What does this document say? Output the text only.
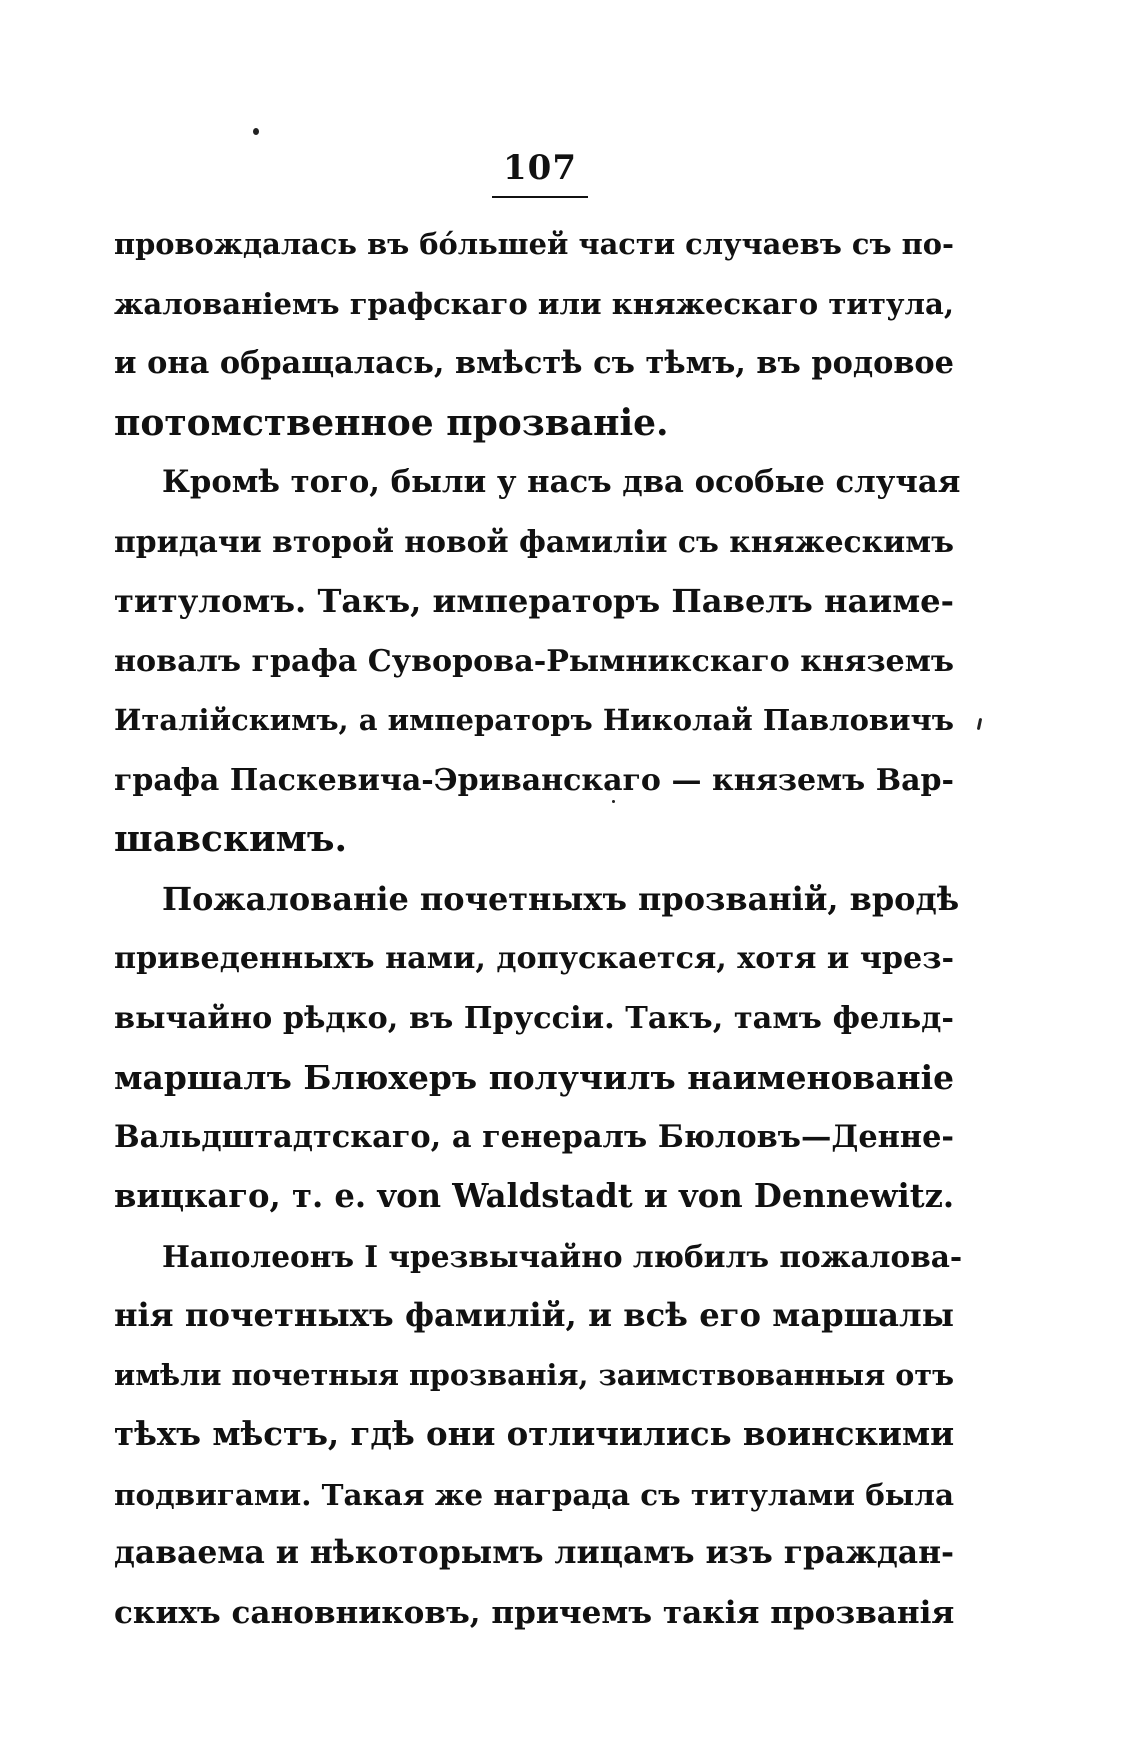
107
провождалась въ бо́льшей части случаевъ съ по-
жалованіемъ графскаго или княжескаго титула,
и она обращалась, вмѣстѣ съ тѣмъ, въ родовое
потомственное прозваніе.
Кромѣ того, были у насъ два особые случая
придачи второй новой фамиліи съ княжескимъ
титуломъ. Такъ, императоръ Павелъ наиме-
новалъ графа Суворова-Рымникскаго княземъ
Италійскимъ, а императоръ Николай Павловичъ
графа Паскевича-Эриванскаго — княземъ Вар-
шавскимъ.
Пожалованіе почетныхъ прозваній, вродѣ
приведенныхъ нами, допускается, хотя и чрез-
вычайно рѣдко, въ Пруссіи. Такъ, тамъ фельд-
маршалъ Блюхеръ получилъ наименованіе
Вальдштадтскаго, а генералъ Бюловъ—Денне-
вицкаго, т. е. von Waldstadt и von Dennewitz.
Наполеонъ I чрезвычайно любилъ пожалова-
нія почетныхъ фамилій, и всѣ его маршалы
имѣли почетныя прозванія, заимствованныя отъ
тѣхъ мѣстъ, гдѣ они отличились воинскими
подвигами. Такая же награда съ титулами была
даваема и нѣкоторымъ лицамъ изъ граждан-
скихъ сановниковъ, причемъ такія прозванія
